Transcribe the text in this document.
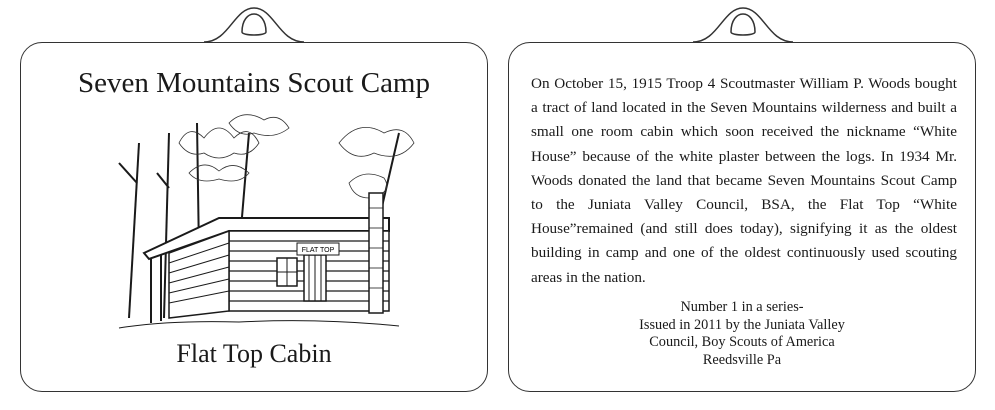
Seven Mountains Scout Camp
FLAT TOP
Flat Top Cabin

On October 15, 1915 Troop 4 Scoutmaster William P. Woods bought a tract of land located in the Seven Mountains wilderness and built a small one room cabin which soon received the nickname “White House” because of the white plaster between the logs. In 1934 Mr. Woods donated the land that became Seven Mountains Scout Camp to the Juniata Valley Council, BSA, the Flat Top “White House”remained (and still does today), signifying it as the oldest building in camp and one of the oldest continuously used scouting areas in the nation.

Number 1 in a series-
Issued in 2011 by the Juniata Valley
Council, Boy Scouts of America
Reedsville Pa
